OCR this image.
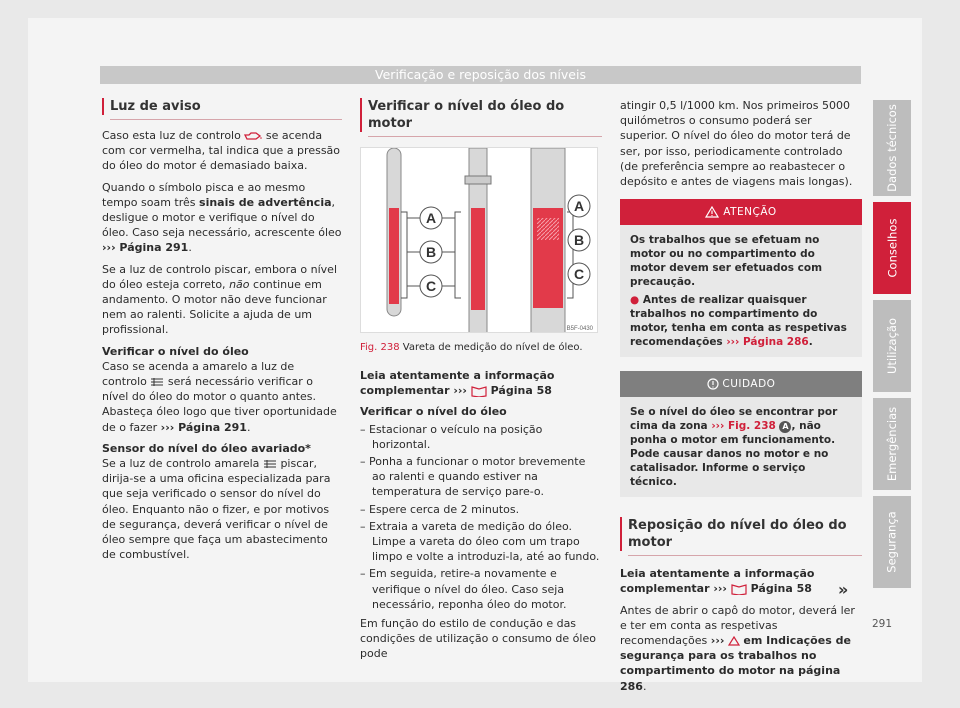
Verificação e reposição dos níveis
Luz de aviso

Caso esta luz de controlo se acenda com cor vermelha, tal indica que a pressão do óleo do motor é demasiado baixa.

Quando o símbolo pisca e ao mesmo tempo soam três sinais de advertência, desligue o motor e verifique o nível do óleo. Caso seja necessário, acrescente óleo ››› Página 291.

Se a luz de controlo piscar, embora o nível do óleo esteja correto, não continue em andamento. O motor não deve funcionar nem ao ralenti. Solicite a ajuda de um profissional.

Verificar o nível do óleo
Caso se acenda a amarelo a luz de controlo será necessário verificar o nível do óleo do motor o quanto antes. Abasteça óleo logo que tiver oportunidade de o fazer ››› Página 291.

Sensor do nível do óleo avariado*
Se a luz de controlo amarela piscar, dirija-se a uma oficina especializada para que seja verificado o sensor do nível do óleo. Enquanto não o fizer, e por motivos de segurança, deverá verificar o nível de óleo sempre que faça um abastecimento de combustível.

Verificar o nível do óleo do motor
A
B
C
A
B
C
B5F-0430
Fig. 238 Vareta de medição do nível de óleo.

Leia atentamente a informação complementar ››› Página 58

Verificar o nível do óleo

– Estacionar o veículo na posição horizontal.
– Ponha a funcionar o motor brevemente ao ralenti e quando estiver na temperatura de serviço pare-o.
– Espere cerca de 2 minutos.
– Extraia a vareta de medição do óleo. Limpe a vareta do óleo com um trapo limpo e volte a introduzi-la, até ao fundo.
– Em seguida, retire-a novamente e verifique o nível do óleo. Caso seja necessário, reponha óleo do motor.

Em função do estilo de condução e das condições de utilização o consumo de óleo pode

atingir 0,5 l/1000 km. Nos primeiros 5000 quilómetros o consumo poderá ser superior. O nível do óleo do motor terá de ser, por isso, periodicamente controlado (de preferência sempre ao reabastecer o depósito e antes de viagens mais longas).

ATENÇÃO
Os trabalhos que se efetuam no motor ou no compartimento do motor devem ser efetuados com precaução.
● Antes de realizar quaisquer trabalhos no compartimento do motor, tenha em conta as respetivas recomendações ››› Página 286.
CUIDADO
Se o nível do óleo se encontrar por cima da zona ››› Fig. 238 A , não ponha o motor em funcionamento. Pode causar danos no motor e no catalisador. Informe o serviço técnico.
Reposição do nível do óleo do motor

Leia atentamente a informação complementar ››› Página 58

Antes de abrir o capô do motor, deverá ler e ter em conta as respetivas recomendações ››› em Indicações de segurança para os trabalhos no compartimento do motor na página 286.

»
Dados técnicos
Conselhos
Utilização
Emergências
Segurança
291
